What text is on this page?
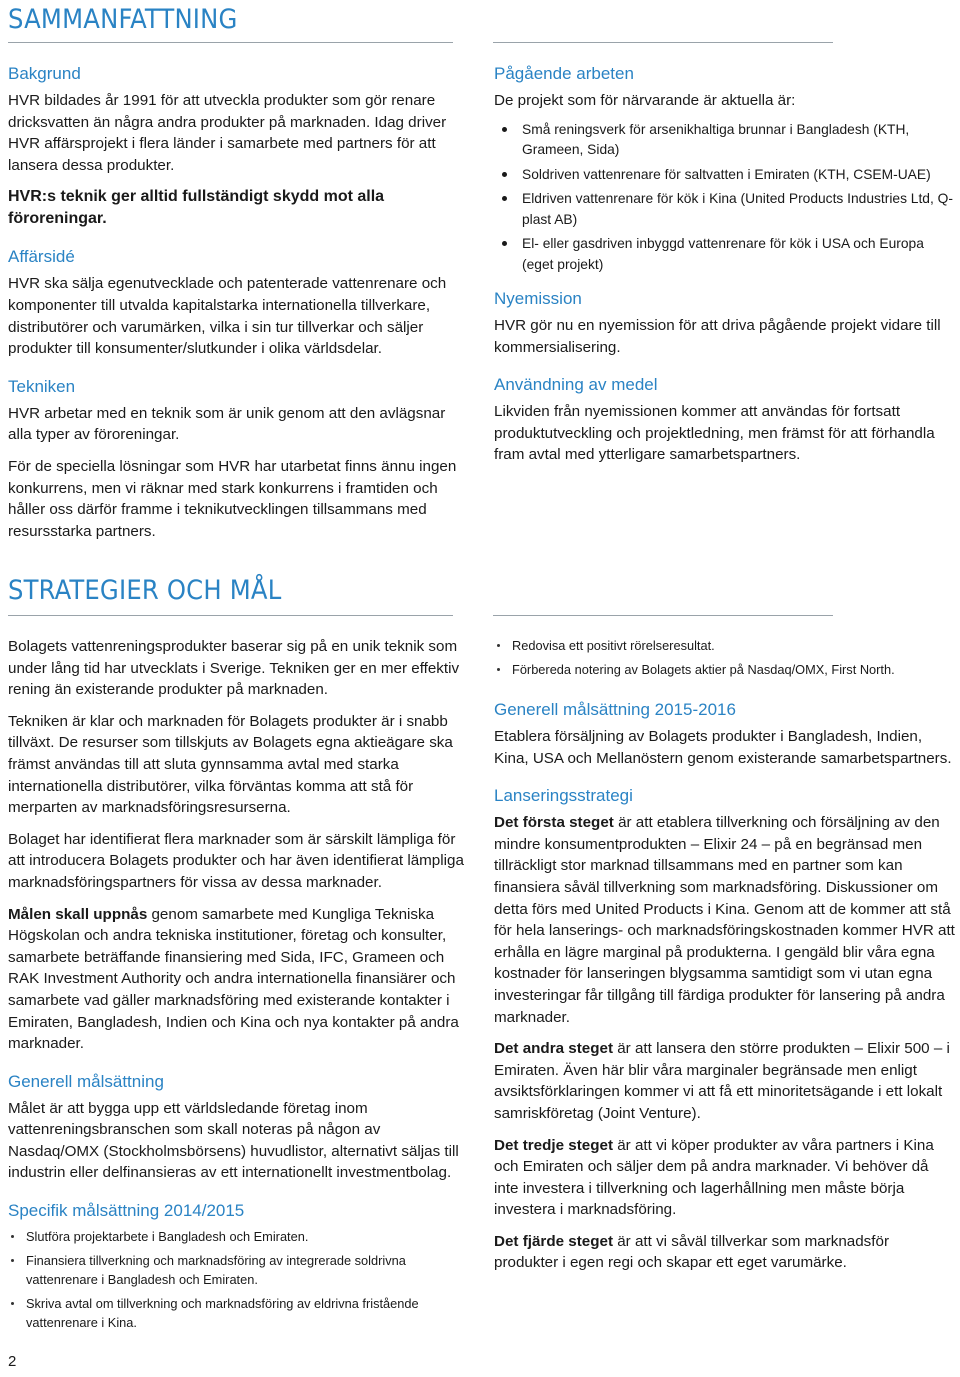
SAMMANFATTNING
Bakgrund

HVR bildades år 1991 för att utveckla produkter som gör renare dricksvatten än några andra produkter på marknaden. Idag driver HVR affärsprojekt i flera länder i samarbete med partners för att lansera dessa produkter.

HVR:s teknik ger alltid fullständigt skydd mot alla föroreningar.

Affärsidé

HVR ska sälja egenutvecklade och patenterade vattenrenare och komponenter till utvalda kapitalstarka internationella tillverkare, distributörer och varumärken, vilka i sin tur tillverkar och säljer produkter till konsumenter/slutkunder i olika världsdelar.

Tekniken

HVR arbetar med en teknik som är unik genom att den avlägsnar alla typer av föroreningar.

För de speciella lösningar som HVR har utarbetat finns ännu ingen konkurrens, men vi räknar med stark konkurrens i framtiden och håller oss därför framme i teknikutvecklingen tillsammans med resursstarka partners.

Pågående arbeten

De projekt som för närvarande är aktuella är:

Små reningsverk för arsenikhaltiga brunnar i Bangladesh (KTH, Grameen, Sida)
Soldriven vattenrenare för saltvatten i Emiraten (KTH, CSEM-UAE)
Eldriven vattenrenare för kök i Kina (United Products Industries Ltd, Q-plast AB)
El- eller gasdriven inbyggd vattenrenare för kök i USA och Europa (eget projekt)
Nyemission

HVR gör nu en nyemission för att driva pågående projekt vidare till kommersialisering.

Användning av medel

Likviden från nyemissionen kommer att användas för fortsatt produktutveckling och projektledning, men främst för att förhandla fram avtal med ytterligare samarbetspartners.

STRATEGIER OCH MÅL

Bolagets vattenreningsprodukter baserar sig på en unik teknik som under lång tid har utvecklats i Sverige. Tekniken ger en mer effektiv rening än existerande produkter på marknaden.

Tekniken är klar och marknaden för Bolagets produkter är i snabb tillväxt. De resurser som tillskjuts av Bolagets egna aktieägare ska främst användas till att sluta gynnsamma avtal med starka internationella distributörer, vilka förväntas komma att stå för merparten av marknadsföringsresurserna.

Bolaget har identifierat flera marknader som är särskilt lämpliga för att introducera Bolagets produkter och har även identifierat lämpliga marknadsföringspartners för vissa av dessa marknader.

Målen skall uppnås genom samarbete med Kungliga Tekniska Högskolan och andra tekniska institutioner, företag och konsulter, samarbete beträffande finansiering med Sida, IFC, Grameen och RAK Investment Authority och andra internationella finansiärer och samarbete vad gäller marknadsföring med existerande kontakter i Emiraten, Bangladesh, Indien och Kina och nya kontakter på andra marknader.

Generell målsättning

Målet är att bygga upp ett världsledande företag inom vattenreningsbranschen som skall noteras på någon av Nasdaq/OMX (Stockholmsbörsens) huvudlistor, alternativt säljas till industrin eller delfinansieras av ett internationellt investmentbolag.

Specifik målsättning 2014/2015
Slutföra projektarbete i Bangladesh och Emiraten.
Finansiera tillverkning och marknadsföring av integrerade soldrivna vattenrenare i Bangladesh och Emiraten.
Skriva avtal om tillverkning och marknadsföring av eldrivna fristående vattenrenare i Kina.
Redovisa ett positivt rörelseresultat.
Förbereda notering av Bolagets aktier på Nasdaq/OMX, First North.
Generell målsättning 2015-2016

Etablera försäljning av Bolagets produkter i Bangladesh, Indien, Kina, USA och Mellanöstern genom existerande samarbetspartners.

Lanseringsstrategi

Det första steget är att etablera tillverkning och försäljning av den mindre konsumentprodukten – Elixir 24 – på en begränsad men tillräckligt stor marknad tillsammans med en partner som kan finansiera såväl tillverkning som marknadsföring. Diskussioner om detta förs med United Products i Kina. Genom att de kommer att stå för hela lanserings- och marknadsföringskostnaden kommer HVR att erhålla en lägre marginal på produkterna. I gengäld blir våra egna kostnader för lanseringen blygsamma samtidigt som vi utan egna investeringar får tillgång till färdiga produkter för lansering på andra marknader.

Det andra steget är att lansera den större produkten – Elixir 500 – i Emiraten. Även här blir våra marginaler begränsade men enligt avsiktsförklaringen kommer vi att få ett minoritetsägande i ett lokalt samriskföretag (Joint Venture).

Det tredje steget är att vi köper produkter av våra partners i Kina och Emiraten och säljer dem på andra marknader. Vi behöver då inte investera i tillverkning och lagerhållning men måste börja investera i marknadsföring.

Det fjärde steget är att vi såväl tillverkar som marknadsför produkter i egen regi och skapar ett eget varumärke.

2
